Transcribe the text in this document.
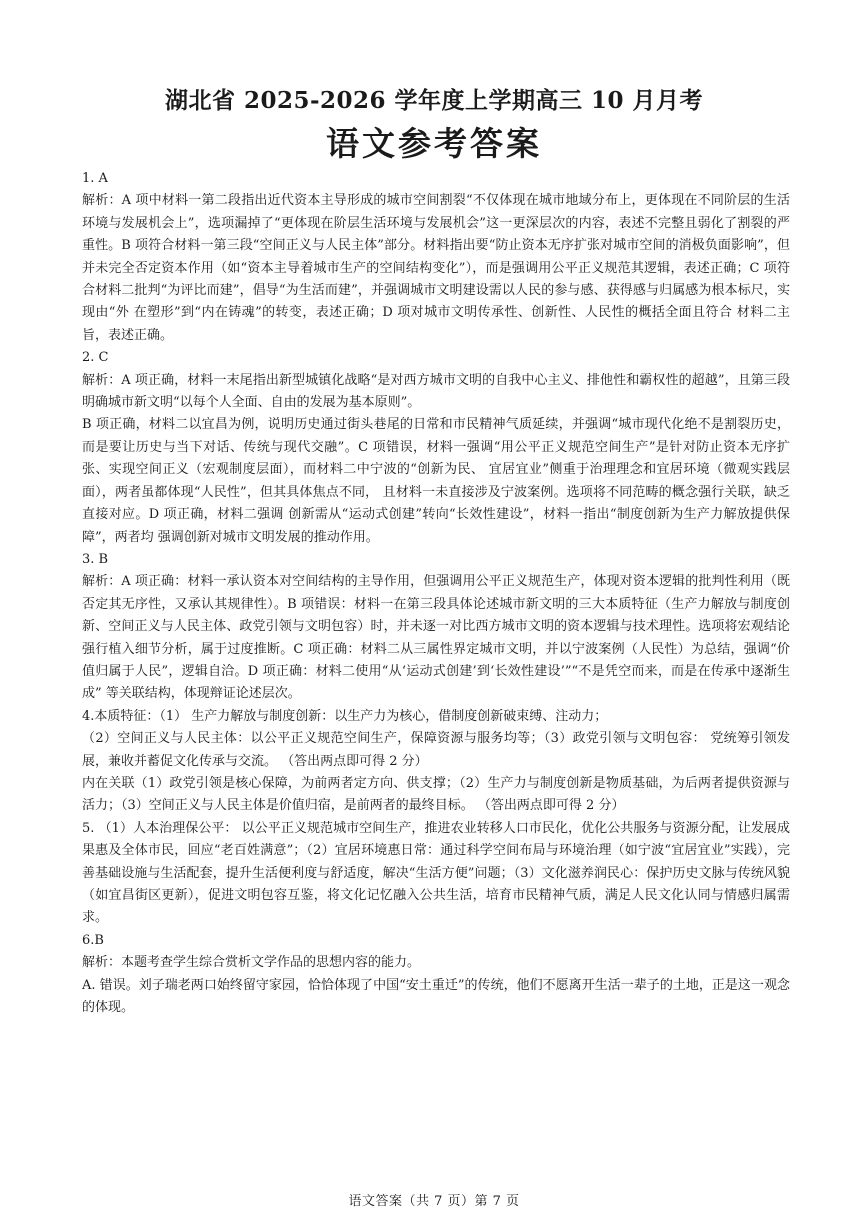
湖北省 2025-2026 学年度上学期高三 10 月月考
语文参考答案

1. A

解析：A 项中材料一第二段指出近代资本主导形成的城市空间割裂“不仅体现在城市地域分布上，更体现在不同阶层的生活环境与发展机会上”，选项漏掉了“更体现在阶层生活环境与发展机会”这一更深层次的内容，表述不完整且弱化了割裂的严重性。B 项符合材料一第三段“空间正义与人民主体”部分。材料指出要“防止资本无序扩张对城市空间的消极负面影响”，但并未完全否定资本作用（如“资本主导着城市生产的空间结构变化”），而是强调用公平正义规范其逻辑，表述正确；C 项符合材料二批判“为评比而建”，倡导“为生活而建”，并强调城市文明建设需以人民的参与感、获得感与归属感为根本标尺，实现由“外 在塑形”到“内在铸魂”的转变，表述正确；D 项对城市文明传承性、创新性、人民性的概括全面且符合 材料二主旨，表述正确。

2. C

解析：A 项正确，材料一末尾指出新型城镇化战略“是对西方城市文明的自我中心主义、排他性和霸权性的超越”，且第三段明确城市新文明“以每个人全面、自由的发展为基本原则”。

B 项正确，材料二以宜昌为例，说明历史通过街头巷尾的日常和市民精神气质延续，并强调“城市现代化绝不是割裂历史，而是要让历史与当下对话、传统与现代交融”。C 项错误，材料一强调“用公平正义规范空间生产”是针对防止资本无序扩张、实现空间正义（宏观制度层面），而材料二中宁波的“创新为民、 宜居宜业”侧重于治理理念和宜居环境（微观实践层面），两者虽都体现“人民性”，但其具体焦点不同， 且材料一未直接涉及宁波案例。选项将不同范畴的概念强行关联，缺乏直接对应。D 项正确，材料二强调 创新需从“运动式创建”转向“长效性建设”，材料一指出“制度创新为生产力解放提供保障”，两者均 强调创新对城市文明发展的推动作用。

3. B

解析：A 项正确：材料一承认资本对空间结构的主导作用，但强调用公平正义规范生产，体现对资本逻辑的批判性利用（既否定其无序性，又承认其规律性）。B 项错误：材料一在第三段具体论述城市新文明的三大本质特征（生产力解放与制度创新、空间正义与人民主体、政党引领与文明包容）时，并未逐一对比西方城市文明的资本逻辑与技术理性。选项将宏观结论强行植入细节分析，属于过度推断。C 项正确：材料二从三属性界定城市文明，并以宁波案例（人民性）为总结，强调“价值归属于人民”，逻辑自洽。D 项正确：材料二使用“从‘运动式创建’到‘长效性建设’”“不是凭空而来，而是在传承中逐渐生成” 等关联结构，体现辩证论述层次。

4.本质特征：（1） 生产力解放与制度创新：以生产力为核心，借制度创新破束缚、注动力；

（2）空间正义与人民主体：以公平正义规范空间生产，保障资源与服务均等；（3）政党引领与文明包容： 党统筹引领发展，兼收并蓄促文化传承与交流。 （答出两点即可得 2 分）

内在关联（1）政党引领是核心保障，为前两者定方向、供支撑；（2）生产力与制度创新是物质基础，为后两者提供资源与活力；（3）空间正义与人民主体是价值归宿，是前两者的最终目标。 （答出两点即可得 2 分）

5. （1）人本治理保公平： 以公平正义规范城市空间生产，推进农业转移人口市民化，优化公共服务与资源分配，让发展成果惠及全体市民，回应“老百姓满意”；（2）宜居环境惠日常：通过科学空间布局与环境治理（如宁波“宜居宜业”实践），完善基础设施与生活配套，提升生活便利度与舒适度，解决“生活方便”问题；（3）文化滋养润民心：保护历史文脉与传统风貌（如宜昌街区更新），促进文明包容互鉴，将文化记忆融入公共生活，培育市民精神气质，满足人民文化认同与情感归属需求。

6.B

解析：本题考查学生综合赏析文学作品的思想内容的能力。

A. 错误。刘子瑞老两口始终留守家园，恰恰体现了中国“安土重迁”的传统，他们不愿离开生活一辈子的土地，正是这一观念的体现。

语文答案（共 7 页）第 7 页
